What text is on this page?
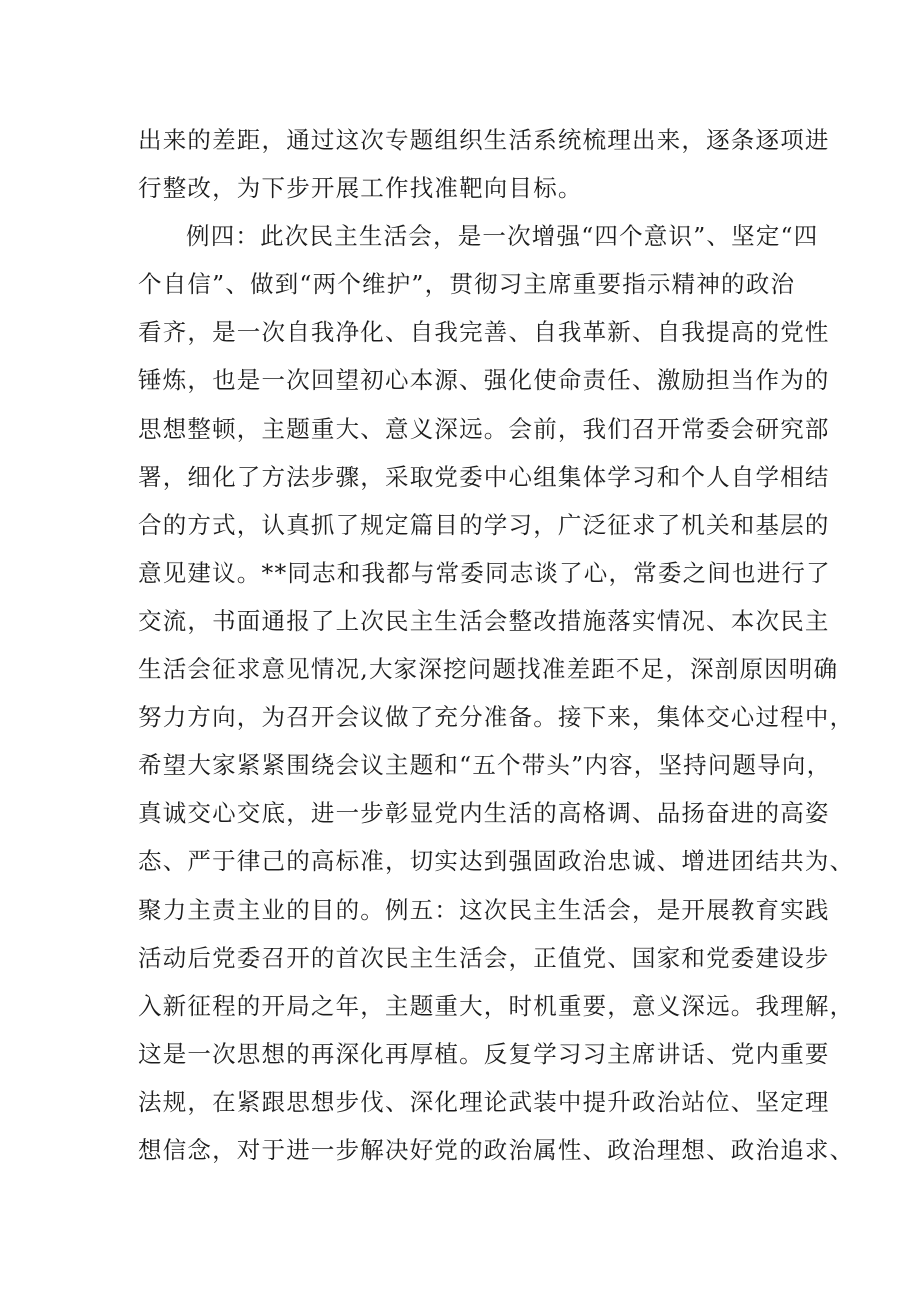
出来的差距，通过这次专题组织生活系统梳理出来，逐条逐项进
行整改，为下步开展工作找准靶向目标。
例四：此次民主生活会，是一次增强“四个意识”、坚定“四
个自信”、做到“两个维护”，贯彻习主席重要指示精神的政治
看齐，是一次自我净化、自我完善、自我革新、自我提高的党性
锤炼，也是一次回望初心本源、强化使命责任、激励担当作为的
思想整顿，主题重大、意义深远。会前，我们召开常委会研究部
署，细化了方法步骤，采取党委中心组集体学习和个人自学相结
合的方式，认真抓了规定篇目的学习，广泛征求了机关和基层的
意见建议。**同志和我都与常委同志谈了心，常委之间也进行了
交流，书面通报了上次民主生活会整改措施落实情况、本次民主
生活会征求意见情况,大家深挖问题找准差距不足，深剖原因明确
努力方向，为召开会议做了充分准备。接下来，集体交心过程中，
希望大家紧紧围绕会议主题和“五个带头”内容，坚持问题导向，
真诚交心交底，进一步彰显党内生活的高格调、品扬奋进的高姿
态、严于律己的高标准，切实达到强固政治忠诚、增进团结共为、
聚力主责主业的目的。例五：这次民主生活会，是开展教育实践
活动后党委召开的首次民主生活会，正值党、国家和党委建设步
入新征程的开局之年，主题重大，时机重要，意义深远。我理解，
这是一次思想的再深化再厚植。反复学习习主席讲话、党内重要
法规，在紧跟思想步伐、深化理论武装中提升政治站位、坚定理
想信念，对于进一步解决好党的政治属性、政治理想、政治追求、
